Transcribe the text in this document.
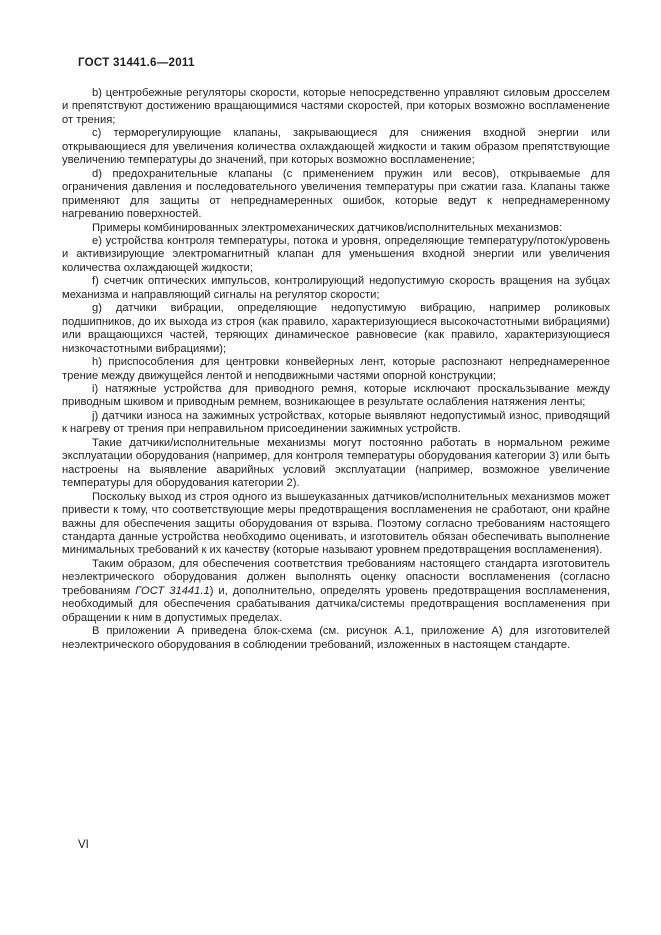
ГОСТ 31441.6—2011

b) центробежные регуляторы скорости, которые непосредственно управляют силовым дросселем и препятствуют достижению вращающимися частями скоростей, при которых возможно воспламенение от трения;

c) терморегулирующие клапаны, закрывающиеся для снижения входной энергии или открывающиеся для увеличения количества охлаждающей жидкости и таким образом препятствующие увеличению температуры до значений, при которых возможно воспламенение;

d) предохранительные клапаны (с применением пружин или весов), открываемые для ограничения давления и последовательного увеличения температуры при сжатии газа. Клапаны также применяют для защиты от непреднамеренных ошибок, которые ведут к непреднамеренному нагреванию поверхностей.

Примеры комбинированных электромеханических датчиков/исполнительных механизмов:

e) устройства контроля температуры, потока и уровня, определяющие температуру/поток/уровень и активизирующие электромагнитный клапан для уменьшения входной энергии или увеличения количества охлаждающей жидкости;

f) счетчик оптических импульсов, контролирующий недопустимую скорость вращения на зубцах механизма и направляющий сигналы на регулятор скорости;

g) датчики вибрации, определяющие недопустимую вибрацию, например роликовых подшипников, до их выхода из строя (как правило, характеризующиеся высокочастотными вибрациями) или вращающихся частей, теряющих динамическое равновесие (как правило, характеризующиеся низкочастотными вибрациями);

h) приспособления для центровки конвейерных лент, которые распознают непреднамеренное трение между движущейся лентой и неподвижными частями опорной конструкции;

i) натяжные устройства для приводного ремня, которые исключают проскальзывание между приводным шкивом и приводным ремнем, возникающее в результате ослабления натяжения ленты;

j) датчики износа на зажимных устройствах, которые выявляют недопустимый износ, приводящий к нагреву от трения при неправильном присоединении зажимных устройств.

Такие датчики/исполнительные механизмы могут постоянно работать в нормальном режиме эксплуатации оборудования (например, для контроля температуры оборудования категории 3) или быть настроены на выявление аварийных условий эксплуатации (например, возможное увеличение температуры для оборудования категории 2).

Поскольку выход из строя одного из вышеуказанных датчиков/исполнительных механизмов может привести к тому, что соответствующие меры предотвращения воспламенения не сработают, они крайне важны для обеспечения защиты оборудования от взрыва. Поэтому согласно требованиям настоящего стандарта данные устройства необходимо оценивать, и изготовитель обязан обеспечивать выполнение минимальных требований к их качеству (которые называют уровнем предотвращения воспламенения).

Таким образом, для обеспечения соответствия требованиям настоящего стандарта изготовитель неэлектрического оборудования должен выполнять оценку опасности воспламенения (согласно требованиям ГОСТ 31441.1) и, дополнительно, определять уровень предотвращения воспламенения, необходимый для обеспечения срабатывания датчика/системы предотвращения воспламенения при обращении к ним в допустимых пределах.

В приложении А приведена блок-схема (см. рисунок А.1, приложение А) для изготовителей неэлектрического оборудования в соблюдении требований, изложенных в настоящем стандарте.

VI
